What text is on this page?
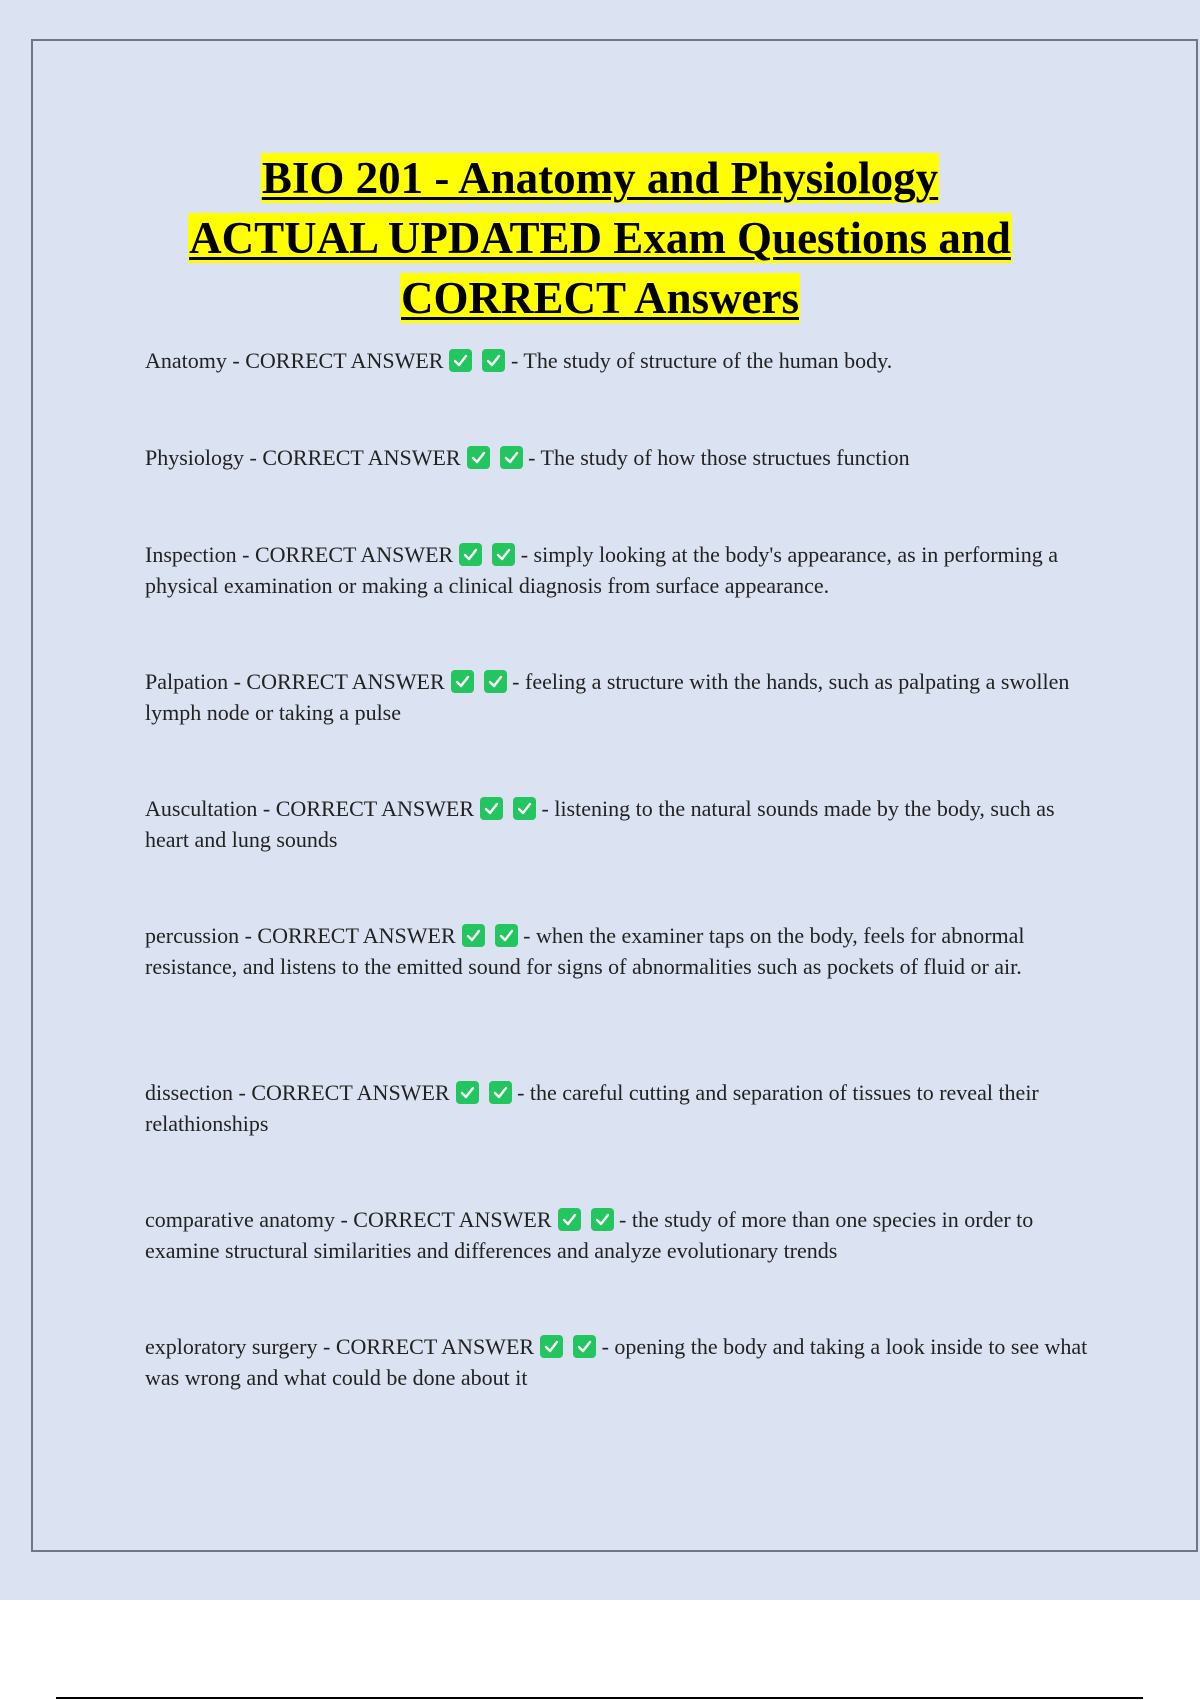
BIO 201 - Anatomy and Physiology
ACTUAL UPDATED Exam Questions and
CORRECT Answers

Anatomy - CORRECT ANSWER	- The study of structure of the human body.

Physiology - CORRECT ANSWER	- The study of how those structues function

Inspection - CORRECT ANSWER	- simply looking at the body's appearance, as in performing a physical examination or making a clinical diagnosis from surface appearance.

Palpation - CORRECT ANSWER	- feeling a structure with the hands, such as palpating a swollen lymph node or taking a pulse

Auscultation - CORRECT ANSWER	- listening to the natural sounds made by the body, such as heart and lung sounds

percussion - CORRECT ANSWER	- when the examiner taps on the body, feels for abnormal resistance, and listens to the emitted sound for signs of abnormalities such as pockets of fluid or air.

dissection - CORRECT ANSWER	- the careful cutting and separation of tissues to reveal their relathionships

comparative anatomy - CORRECT ANSWER	- the study of more than one species in order to examine structural similarities and differences and analyze evolutionary trends

exploratory surgery - CORRECT ANSWER	- opening the body and taking a look inside to see what was wrong and what could be done about it
